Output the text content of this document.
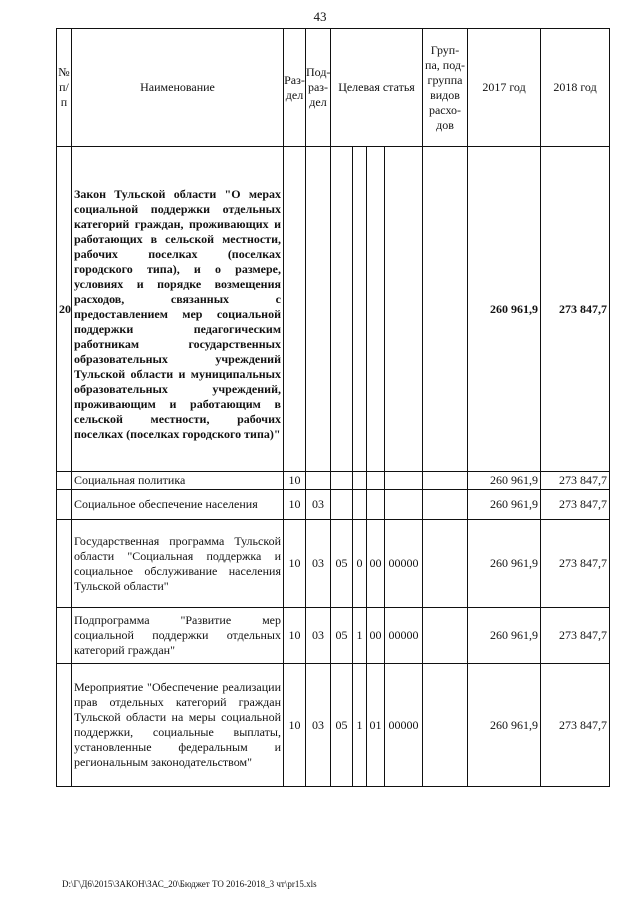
43
№ п/ п	Наименование	Раз-дел	Под-раз-дел	Целевая статья				Груп-па, под-группа видов расхо-дов	2017 год	2018 год
20	Закон Тульской области "О мерах социальной поддержки отдельных категорий граждан, проживающих и работающих в сельской местности, рабочих поселках (поселках городского типа), и о размере, условиях и порядке возмещения расходов, связанных с предоставлением мер социальной поддержки педагогическим работникам государственных образовательных учреждений Тульской области и муниципальных образовательных учреждений, проживающим и работающим в сельской местности, рабочих поселках (поселках городского типа)"								260 961,9	273 847,7
	Социальная политика	10							260 961,9	273 847,7
	Социальное обеспечение населения	10	03						260 961,9	273 847,7
	Государственная программа Тульской области "Социальная поддержка и социальное обслуживание населения Тульской области"	10	03	05	0	00	00000		260 961,9	273 847,7
	Подпрограмма "Развитие мер социальной поддержки отдельных категорий граждан"	10	03	05	1	00	00000		260 961,9	273 847,7
	Мероприятие "Обеспечение реализации прав отдельных категорий граждан Тульской области на меры социальной поддержки, социальные выплаты, установленные федеральным и региональным законодательством"	10	03	05	1	01	00000		260 961,9	273 847,7
D:\Г\Д6\2015\ЗАКОН\ЗАС_20\Бюджет ТО 2016-2018_3 чт\pr15.xls
